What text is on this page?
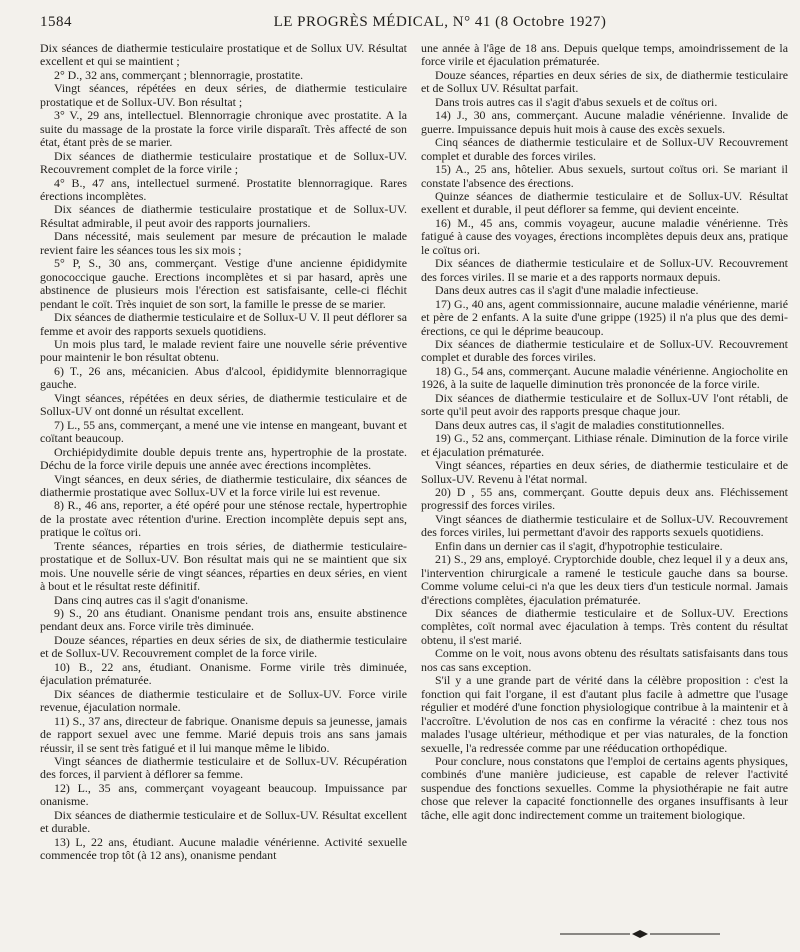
1584	LE PROGRÈS MÉDICAL, N° 41 (8 Octobre 1927)

Dix séances de diathermie testiculaire prostatique et de Sollux UV. Résultat excellent et qui se maintient ;

2° D., 32 ans, commerçant ; blennorragie, prostatite.

Vingt séances, répétées en deux séries, de diathermie testiculaire prostatique et de Sollux-UV. Bon résultat ;

3° V., 29 ans, intellectuel. Blennorragie chronique avec prostatite. A la suite du massage de la prostate la force virile disparaît. Très affecté de son état, étant près de se marier.

Dix séances de diathermie testiculaire prostatique et de Sollux-UV. Recouvrement complet de la force virile ;

4° B., 47 ans, intellectuel surmené. Prostatite blennorragique. Rares érections incomplètes.

Dix séances de diathermie testiculaire prostatique et de Sollux-UV. Résultat admirable, il peut avoir des rapports journaliers.

Dans nécessité, mais seulement par mesure de précaution le malade revient faire les séances tous les six mois ;

5° P, S., 30 ans, commerçant. Vestige d'une ancienne épididymite gonococcique gauche. Erections incomplètes et si par hasard, après une abstinence de plusieurs mois l'érection est satisfaisante, celle-ci fléchit pendant le coït. Très inquiet de son sort, la famille le presse de se marier.

Dix séances de diathermie testiculaire et de Sollux-U V. Il peut déflorer sa femme et avoir des rapports sexuels quotidiens.

Un mois plus tard, le malade revient faire une nouvelle série préventive pour maintenir le bon résultat obtenu.

6) T., 26 ans, mécanicien. Abus d'alcool, épididymite blennorragique gauche.

Vingt séances, répétées en deux séries, de diathermie testiculaire et de Sollux-UV ont donné un résultat excellent.

7) L., 55 ans, commerçant, a mené une vie intense en mangeant, buvant et coïtant beaucoup.

Orchiépidydimite double depuis trente ans, hypertrophie de la prostate. Déchu de la force virile depuis une année avec érections incomplètes.

Vingt séances, en deux séries, de diathermie testiculaire, dix séances de diathermie prostatique avec Sollux-UV et la force virile lui est revenue.

8) R., 46 ans, reporter, a été opéré pour une sténose rectale, hypertrophie de la prostate avec rétention d'urine. Erection incomplète depuis sept ans, pratique le coïtus ori.

Trente séances, réparties en trois séries, de diathermie testiculaire-prostatique et de Sollux-UV. Bon résultat mais qui ne se maintient que six mois. Une nouvelle série de vingt séances, réparties en deux séries, en vient à bout et le résultat reste définitif.

Dans cinq autres cas il s'agit d'onanisme.

9) S., 20 ans étudiant. Onanisme pendant trois ans, ensuite abstinence pendant deux ans. Force virile très diminuée.

Douze séances, réparties en deux séries de six, de diathermie testiculaire et de Sollux-UV. Recouvrement complet de la force virile.

10) B., 22 ans, étudiant. Onanisme. Forme virile très diminuée, éjaculation prématurée.

Dix séances de diathermie testiculaire et de Sollux-UV. Force virile revenue, éjaculation normale.

11) S., 37 ans, directeur de fabrique. Onanisme depuis sa jeunesse, jamais de rapport sexuel avec une femme. Marié depuis trois ans sans jamais réussir, il se sent très fatigué et il lui manque même le libido.

Vingt séances de diathermie testiculaire et de Sollux-UV. Récupération des forces, il parvient à déflorer sa femme.

12) L., 35 ans, commerçant voyageant beaucoup. Impuissance par onanisme.

Dix séances de diathermie testiculaire et de Sollux-UV. Résultat excellent et durable.

13) L, 22 ans, étudiant. Aucune maladie vénérienne. Activité sexuelle commencée trop tôt (à 12 ans), onanisme pendant

une année à l'âge de 18 ans. Depuis quelque temps, amoindrissement de la force virile et éjaculation prématurée.

Douze séances, réparties en deux séries de six, de diathermie testiculaire et de Sollux UV. Résultat parfait.

Dans trois autres cas il s'agit d'abus sexuels et de coïtus ori.

14) J., 30 ans, commerçant. Aucune maladie vénérienne. Invalide de guerre. Impuissance depuis huit mois à cause des excès sexuels.

Cinq séances de diathermie testiculaire et de Sollux-UV Recouvrement complet et durable des forces viriles.

15) A., 25 ans, hôtelier. Abus sexuels, surtout coïtus ori. Se mariant il constate l'absence des érections.

Quinze séances de diathermie testiculaire et de Sollux-UV. Résultat exellent et durable, il peut déflorer sa femme, qui devient enceinte.

16) M., 45 ans, commis voyageur, aucune maladie vénérienne. Très fatigué à cause des voyages, érections incomplètes depuis deux ans, pratique le coïtus ori.

Dix séances de diathermie testiculaire et de Sollux-UV. Recouvrement des forces viriles. Il se marie et a des rapports normaux depuis.

Dans deux autres cas il s'agit d'une maladie infectieuse.

17) G., 40 ans, agent commissionnaire, aucune maladie vénérienne, marié et père de 2 enfants. A la suite d'une grippe (1925) il n'a plus que des demi-érections, ce qui le déprime beaucoup.

Dix séances de diathermie testiculaire et de Sollux-UV. Recouvrement complet et durable des forces viriles.

18) G., 54 ans, commerçant. Aucune maladie vénérienne. Angiocholite en 1926, à la suite de laquelle diminution très prononcée de la force virile.

Dix séances de diathermie testiculaire et de Sollux-UV l'ont rétabli, de sorte qu'il peut avoir des rapports presque chaque jour.

Dans deux autres cas, il s'agit de maladies constitutionnelles.

19) G., 52 ans, commerçant. Lithiase rénale. Diminution de la force virile et éjaculation prématurée.

Vingt séances, réparties en deux séries, de diathermie testiculaire et de Sollux-UV. Revenu à l'état normal.

20) D , 55 ans, commerçant. Goutte depuis deux ans. Fléchissement progressif des forces viriles.

Vingt séances de diathermie testiculaire et de Sollux-UV. Recouvrement des forces viriles, lui permettant d'avoir des rapports sexuels quotidiens.

Enfin dans un dernier cas il s'agit, d'hypotrophie testiculaire.

21) S., 29 ans, employé. Cryptorchide double, chez lequel il y a deux ans, l'intervention chirurgicale a ramené le testicule gauche dans sa bourse. Comme volume celui-ci n'a que les deux tiers d'un testicule normal. Jamais d'érections complètes, éjaculation prématurée.

Dix séances de diathermie testiculaire et de Sollux-UV. Erections complètes, coït normal avec éjaculation à temps. Très content du résultat obtenu, il s'est marié.

Comme on le voit, nous avons obtenu des résultats satisfaisants dans tous nos cas sans exception.

S'il y a une grande part de vérité dans la célèbre proposition : c'est la fonction qui fait l'organe, il est d'autant plus facile à admettre que l'usage régulier et modéré d'une fonction physiologique contribue à la maintenir et à l'accroître. L'évolution de nos cas en confirme la véracité : chez tous nos malades l'usage ultérieur, méthodique et per vias naturales, de la fonction sexuelle, l'a redressée comme par une rééducation orthopédique.

Pour conclure, nous constatons que l'emploi de certains agents physiques, combinés d'une manière judicieuse, est capable de relever l'activité suspendue des fonctions sexuelles. Comme la physiothérapie ne fait autre chose que relever la capacité fonctionnelle des organes insuffisants à leur tâche, elle agit donc indirectement comme un traitement biologique.
